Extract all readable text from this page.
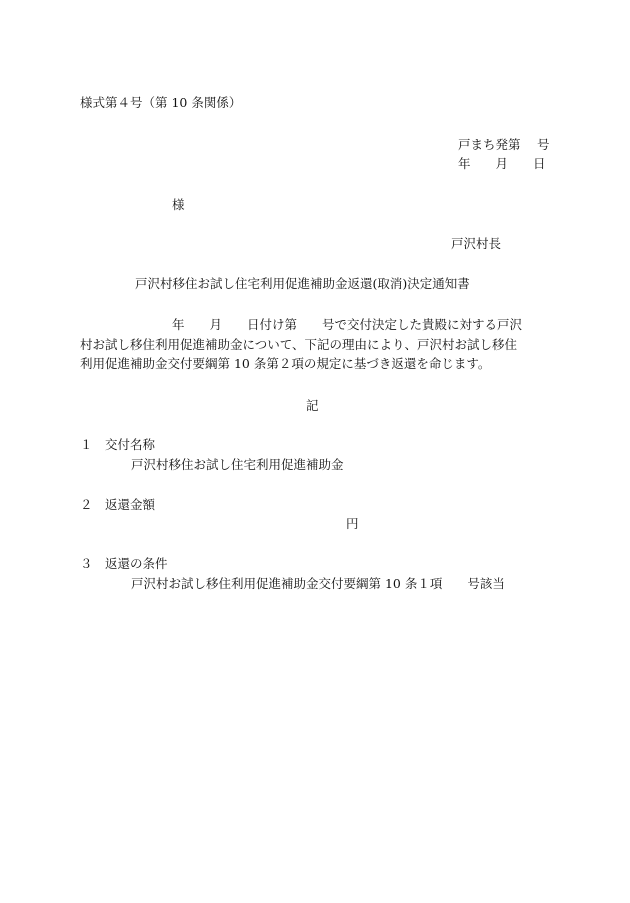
様式第４号（第 10 条関係）
戸まち発第　 号
年　　月　　日
様
戸沢村長
戸沢村移住お試し住宅利用促進補助金返還(取消)決定通知書
年　　月　　日付け第　　号で交付決定した貴殿に対する戸沢
村お試し移住利用促進補助金について、下記の理由により、戸沢村お試し移住
利用促進補助金交付要綱第 10 条第２項の規定に基づき返還を命じます。
記
１　交付名称
戸沢村移住お試し住宅利用促進補助金
２　返還金額
円
３　返還の条件
戸沢村お試し移住利用促進補助金交付要綱第 10 条１項　　号該当
